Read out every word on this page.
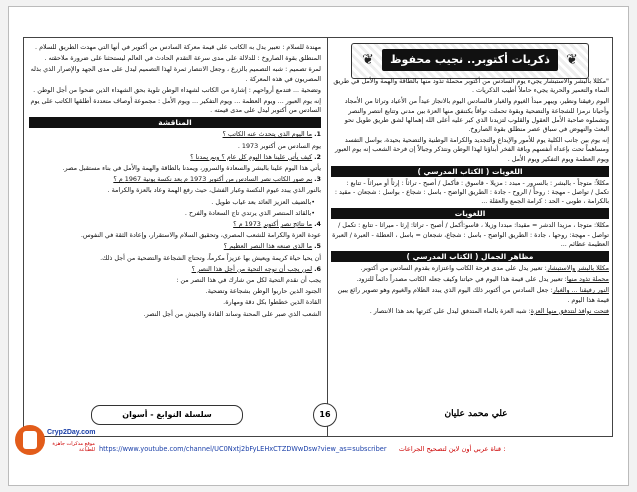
❦	ذكريات أكتوبر.. نجيب محفوظ	❦

"مكللا بالبشر والاستبشار يجيء يوم السادس من أكتوبر محملة تذود منها بالطاقة والهمة والأمل في طريق النماء والتعمير والحرية يجيء حاملاً أطيب الذكريات .

اليوم رفيقنا ونطير، ويبهر مبدأ الغيوم والغبار فالسادس اليوم بالانجاز عيداً من الأعياد وتراثا من الأمجاد وأحيانا نرمزا للشجاعة والتضحية وبقوة تحملت تواقاً بكتنفق منها العزة بين مدني وتتابع انتصر والنصر وتشملوه صاحبة الأمل العقول والقلوب لتزيدنا الذي كبر عليه أعلى الله إهمالها لشق طريق طويل نحو البعث والنهوض في سباق عصر منطلق بقوة الصاروخ.

إنه يوم بين جانب الكلية يوم للأمور والإبداع والتجديد والكرامة الوطنية والتضحية بحيدة، بواسل التفسد ومساهماً تحت بإعداء أنفسهم وباقة الفخر أبناؤنا لهذا الوطن ونتذكر وجبالاً إن فرحة الشعب إنه يوم العبور ويوم العظمة ويوم التفكير ويوم الأمل .

اللغويات ( الكتاب المدرسي )

مكللاً: متوجاً - بالبشر : بالسرور - مبدد : مزيلا - قاسوق : فأكمل / أصبح - تراثاً : إرثاً أو ميراثاً - تتابع : تكمل / تواصل - مهجة : روحاً / الروح - جادة : الطريق الواضح - باسل : شجاع - بواسل : شجعان - مقيد : بالكرامة ، طوبى - الحد : كرامة الجمع والعقلة ...

اللغويات

مكللا: متوجا ، مزيدا الدشر = مقيدا: مبددا وزيلا ، قاسو:أكمل / أصبح - تراثا: إرثا - ميراثا - تتابع : تكمل / تواصل - مهجة: روحها ، جادة : الطريق الواضح - باسل : شجاع، شجعان = باسل ، العطلة - العبرة / العبرة العظيمة عظائم ...

مظاهر الجمال ( الكتاب المدرسي )

مكللا بالبشر والاستبشار: تعبير يدل على مدى فرحة الكاتب واعتزازه بقدوم السادس من أكتوبر.

محملة تذود منها: تعبير يدل على قيمة هذا اليوم في حياتنا وكيف جعله الكاتب مصدراً دائماً للتزود.

النور رفيقنا ... والغبار: جعل السادس من أكتوبر ذلك اليوم الذي يبدد الظلام والغيوم وهو تصوير رائع يبين قيمة هذا اليوم .

فتحت نوافذ لتتدفق منها العزة: شبه العزة بالماء المتدفق ليدل على كثرتها بعد هذا الانتصار .

مهندة للسلام : تعبير يدل به الكاتب على قيمة معركة السادس من أكتوبر في أنها التي مهدت الطريق للسلام .

المنطلق بقوة الصاروخ : للدلالة على مدى سرعة التقدم الحادث في العالم ليستحثنا على ضرورة ملاحقته .

لمرة تصميم : شبه التصميم بالزرع ، وجعل الانتصار ثمرة لهذا التصميم ليدل على مدى الجهد والإصرار الذي بذله المصريون في هذه المعركة .

وتضحية ... فتدمع أرواحهم : إشارة من الكاتب لشهداء الوطن تلوية بحق الشهداء الذين ضحوا من أجل الوطن .

إنه يوم العبور ... ويوم العظمة ... ويوم التفكير ... ويوم الأمل : مجموعة أوصاف متعددة أطلقها الكاتب على يوم السادس من أكتوبر ليدل على مدى قيمته .

المناقشة

1.ما اليوم الذي يتحدث عنه الكاتب ؟

يوم السادس من أكتوبر 1973 .

2.كيف يأتي علينا هذا اليوم كل عام ؟ وبم يمدنا ؟

يأتي هذا اليوم علينا بالبشر والسعادة والسرور، ويمدنا بالطاقة والهمة والأمل في بناء مستقبل مصر.

3.بم صور الكاتب نصر السادس من أكتوبر 1973 م بعد نكسة يونية 1967 م ؟

بالنور الذي يبدد غيوم النكسة وغبار الفشل، حيث رفع الهمة وعاد بالعزة والكرامة .

•بالضيف العزيز العائد بعد غياب طويل .

•بالقائد المنتصر الذي يرتدي تاج السعادة والفرح .

4.ما نتائج نصر أكتوبر 1973 م ؟

عودة العزة والكرامة للشعب المصري، وتحقيق السلام والاستقرار، وإعادة الثقة في النفوس.

5.ما الذي صنعه هذا النصر العظيم ؟

أن يحيا حياة كريمة ويعيش بها عزيزاً مكرماً، وتحتاج الشجاعة والتضحية من أجل ذلك.

6.لمن يجب أن نوجه التحية من أجل هذا النصر ؟

يجب أن نقدم التحية لكل من شارك في هذا النصر من :

الجنود الذين حاربوا الوطن بشجاعة وتضحية.

القادة الذين خططوا بكل دقة ومهارة.

الشعب الذي صبر على المحنة وساند القادة والجيش من أجل النصر.

علي محمد عليان
16
سلسلة النوابغ - أسوان
Cryp2Day.com
موقع مذكرات جاهزة للطباعة https://www.youtube.com/channel/UC0Nxtj2bFyLEHxCTZDWwDsw?view_as=subscriber قناة عربي أون لاين لتصحيح الجراعات :
